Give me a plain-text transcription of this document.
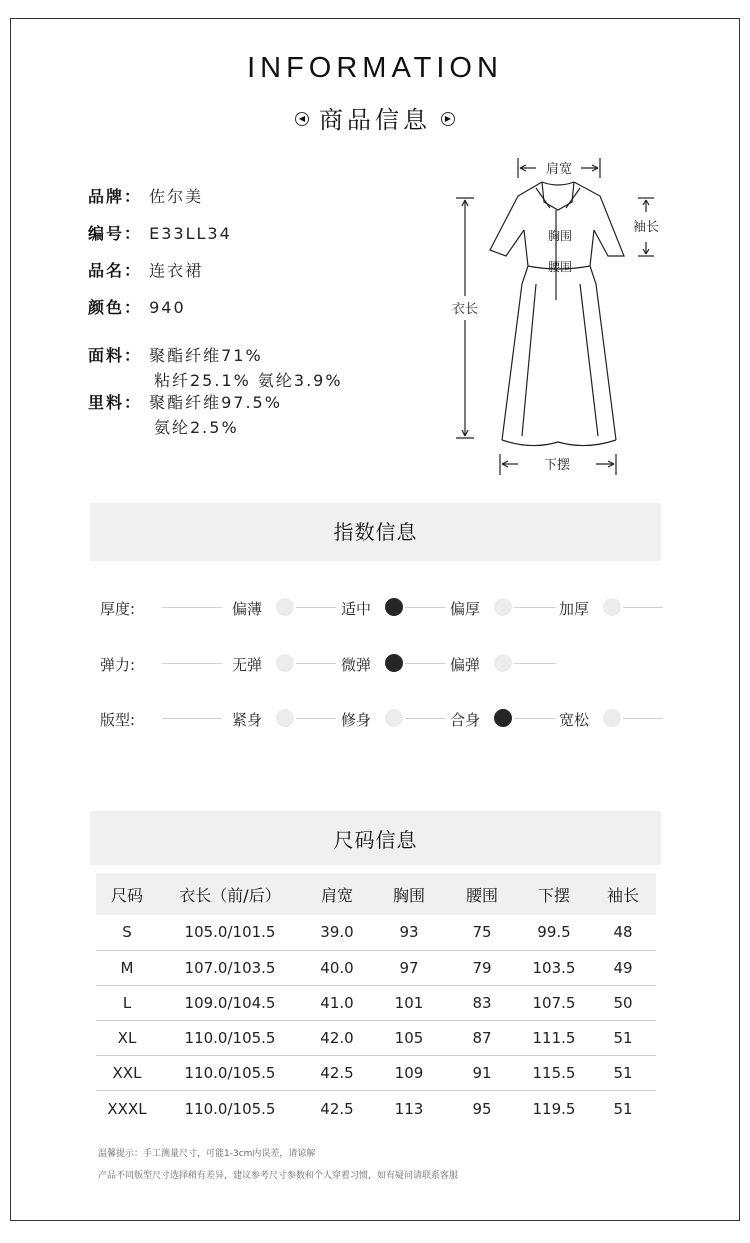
INFORMATION
◀ 商品信息 ▶
品牌： 佐尔美
编号： E33LL34
品名： 连衣裙
颜色： 940
面料： 聚酯纤维71%
粘纤25.1% 氨纶3.9%
里料： 聚酯纤维97.5%
氨纶2.5%
肩宽
袖长
胸围
腰围
衣长
下摆
指数信息
厚度:	偏薄	适中	偏厚	加厚
弹力:	无弹	微弹	偏弹
版型:	紧身	修身	合身	宽松
尺码信息
尺码	衣长（前/后）	肩宽	胸围	腰围	下摆	袖长
S	105.0/101.5	39.0	93	75	99.5	48
M	107.0/103.5	40.0	97	79	103.5	49
L	109.0/104.5	41.0	101	83	107.5	50
XL	110.0/105.5	42.0	105	87	111.5	51
XXL	110.0/105.5	42.5	109	91	115.5	51
XXXL	110.0/105.5	42.5	113	95	119.5	51
温馨提示：手工测量尺寸，可能1-3cm内误差，请谅解
产品不同版型尺寸选择稍有差异，建议参考尺寸参数和个人穿着习惯，如有疑问请联系客服
